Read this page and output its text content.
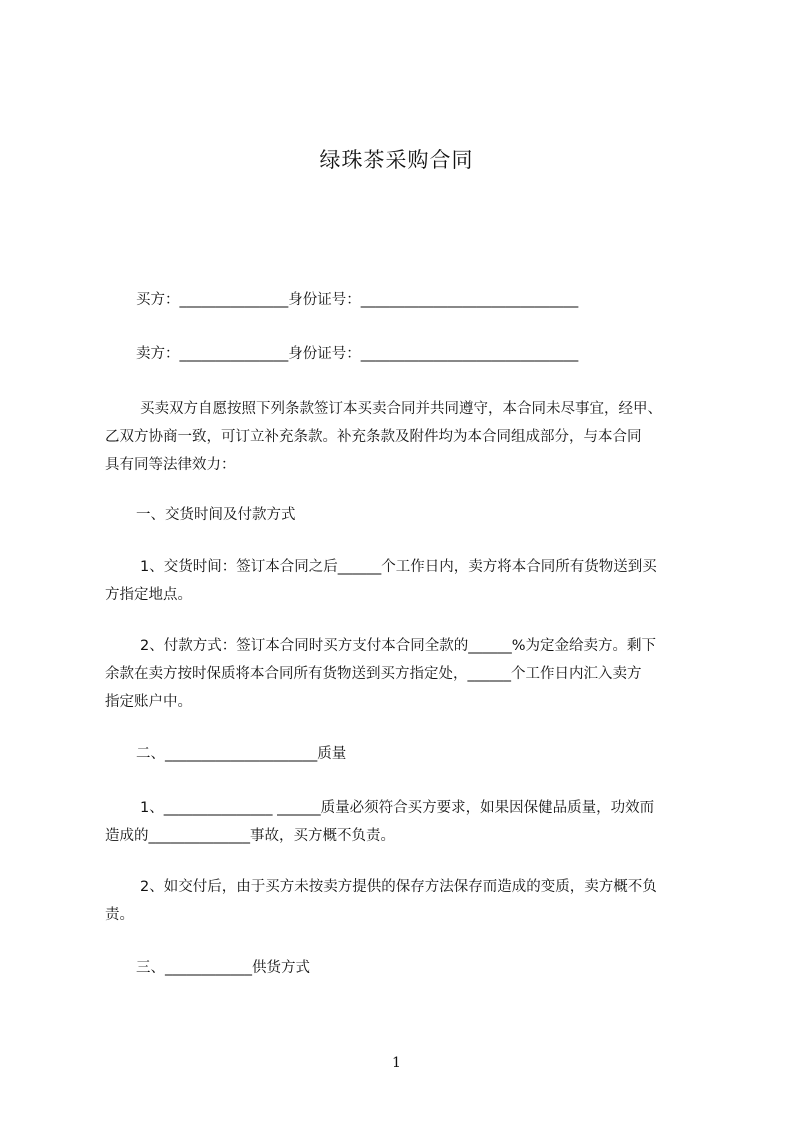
绿珠茶采购合同
买方：_______________身份证号：______________________________
卖方：_______________身份证号：______________________________
买卖双方自愿按照下列条款签订本买卖合同并共同遵守，本合同未尽事宜，经甲、
乙双方协商一致，可订立补充条款。补充条款及附件均为本合同组成部分，与本合同
具有同等法律效力：
一、交货时间及付款方式
1、交货时间：签订本合同之后______个工作日内，卖方将本合同所有货物送到买
方指定地点。
2、付款方式：签订本合同时买方支付本合同全款的______%为定金给卖方。剩下
余款在卖方按时保质将本合同所有货物送到买方指定处，______个工作日内汇入卖方
指定账户中。
二、_____________________质量
1、_______________ ______质量必须符合买方要求，如果因保健品质量，功效而
造成的______________事故，买方概不负责。
2、如交付后，由于买方未按卖方提供的保存方法保存而造成的变质，卖方概不负
责。
三、____________供货方式
1
